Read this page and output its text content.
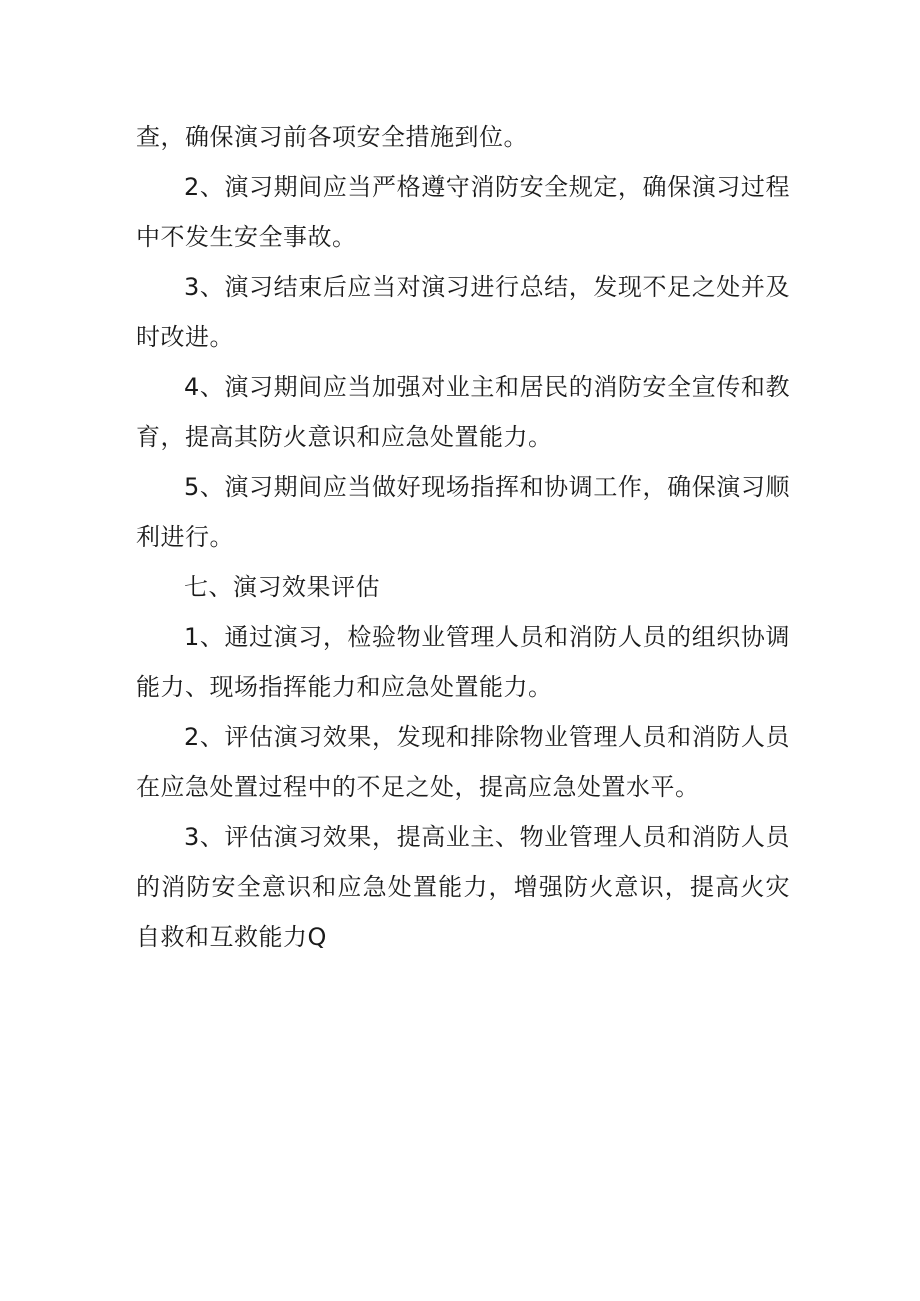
查，确保演习前各项安全措施到位。

2、演习期间应当严格遵守消防安全规定，确保演习过程中不发生安全事故。

3、演习结束后应当对演习进行总结，发现不足之处并及时改进。

4、演习期间应当加强对业主和居民的消防安全宣传和教育，提高其防火意识和应急处置能力。

5、演习期间应当做好现场指挥和协调工作，确保演习顺利进行。

七、演习效果评估

1、通过演习，检验物业管理人员和消防人员的组织协调能力、现场指挥能力和应急处置能力。

2、评估演习效果，发现和排除物业管理人员和消防人员在应急处置过程中的不足之处，提高应急处置水平。

3、评估演习效果，提高业主、物业管理人员和消防人员的消防安全意识和应急处置能力，增强防火意识，提高火灾自救和互救能力Q
